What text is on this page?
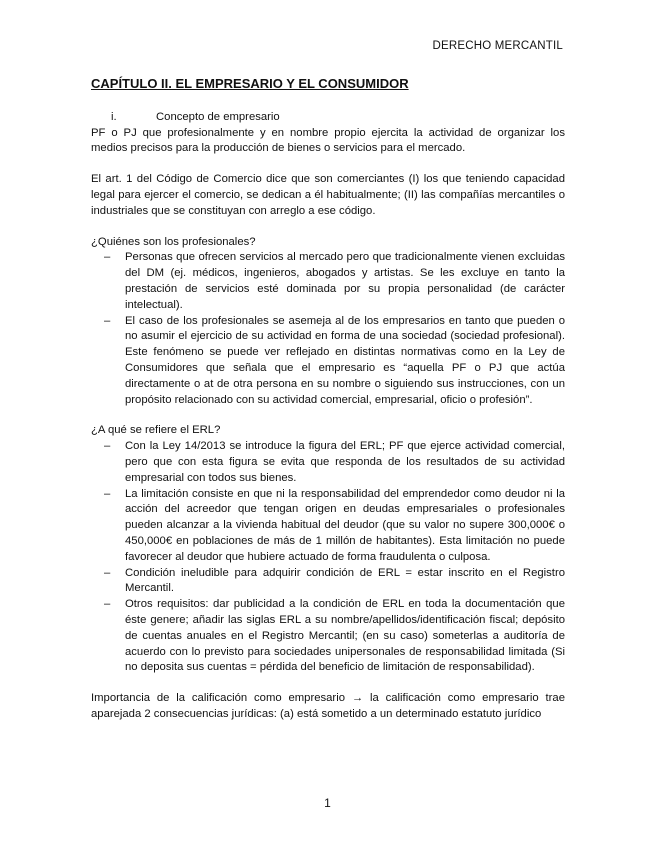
DERECHO MERCANTIL
CAPÍTULO II. EL EMPRESARIO Y EL CONSUMIDOR
i.	Concepto de empresario

PF o PJ que profesionalmente y en nombre propio ejercita la actividad de organizar los medios precisos para la producción de bienes o servicios para el mercado.

El art. 1 del Código de Comercio dice que son comerciantes (I) los que teniendo capacidad legal para ejercer el comercio, se dedican a él habitualmente; (II) las compañías mercantiles o industriales que se constituyan con arreglo a ese código.

¿Quiénes son los profesionales?

– Personas que ofrecen servicios al mercado pero que tradicionalmente vienen excluidas del DM (ej. médicos, ingenieros, abogados y artistas. Se les excluye en tanto la prestación de servicios esté dominada por su propia personalidad (de carácter intelectual).
– El caso de los profesionales se asemeja al de los empresarios en tanto que pueden o no asumir el ejercicio de su actividad en forma de una sociedad (sociedad profesional). Este fenómeno se puede ver reflejado en distintas normativas como en la Ley de Consumidores que señala que el empresario es “aquella PF o PJ que actúa directamente o at de otra persona en su nombre o siguiendo sus instrucciones, con un propósito relacionado con su actividad comercial, empresarial, oficio o profesión”.

¿A qué se refiere el ERL?

– Con la Ley 14/2013 se introduce la figura del ERL; PF que ejerce actividad comercial, pero que con esta figura se evita que responda de los resultados de su actividad empresarial con todos sus bienes.
– La limitación consiste en que ni la responsabilidad del emprendedor como deudor ni la acción del acreedor que tengan origen en deudas empresariales o profesionales pueden alcanzar a la vivienda habitual del deudor (que su valor no supere 300,000€ o 450,000€ en poblaciones de más de 1 millón de habitantes). Esta limitación no puede favorecer al deudor que hubiere actuado de forma fraudulenta o culposa.
– Condición ineludible para adquirir condición de ERL = estar inscrito en el Registro Mercantil.
– Otros requisitos: dar publicidad a la condición de ERL en toda la documentación que éste genere; añadir las siglas ERL a su nombre/apellidos/identificación fiscal; depósito de cuentas anuales en el Registro Mercantil; (en su caso) someterlas a auditoría de acuerdo con lo previsto para sociedades unipersonales de responsabilidad limitada (Si no deposita sus cuentas = pérdida del beneficio de limitación de responsabilidad).

Importancia de la calificación como empresario → la calificación como empresario trae aparejada 2 consecuencias jurídicas: (a) está sometido a un determinado estatuto jurídico

1
